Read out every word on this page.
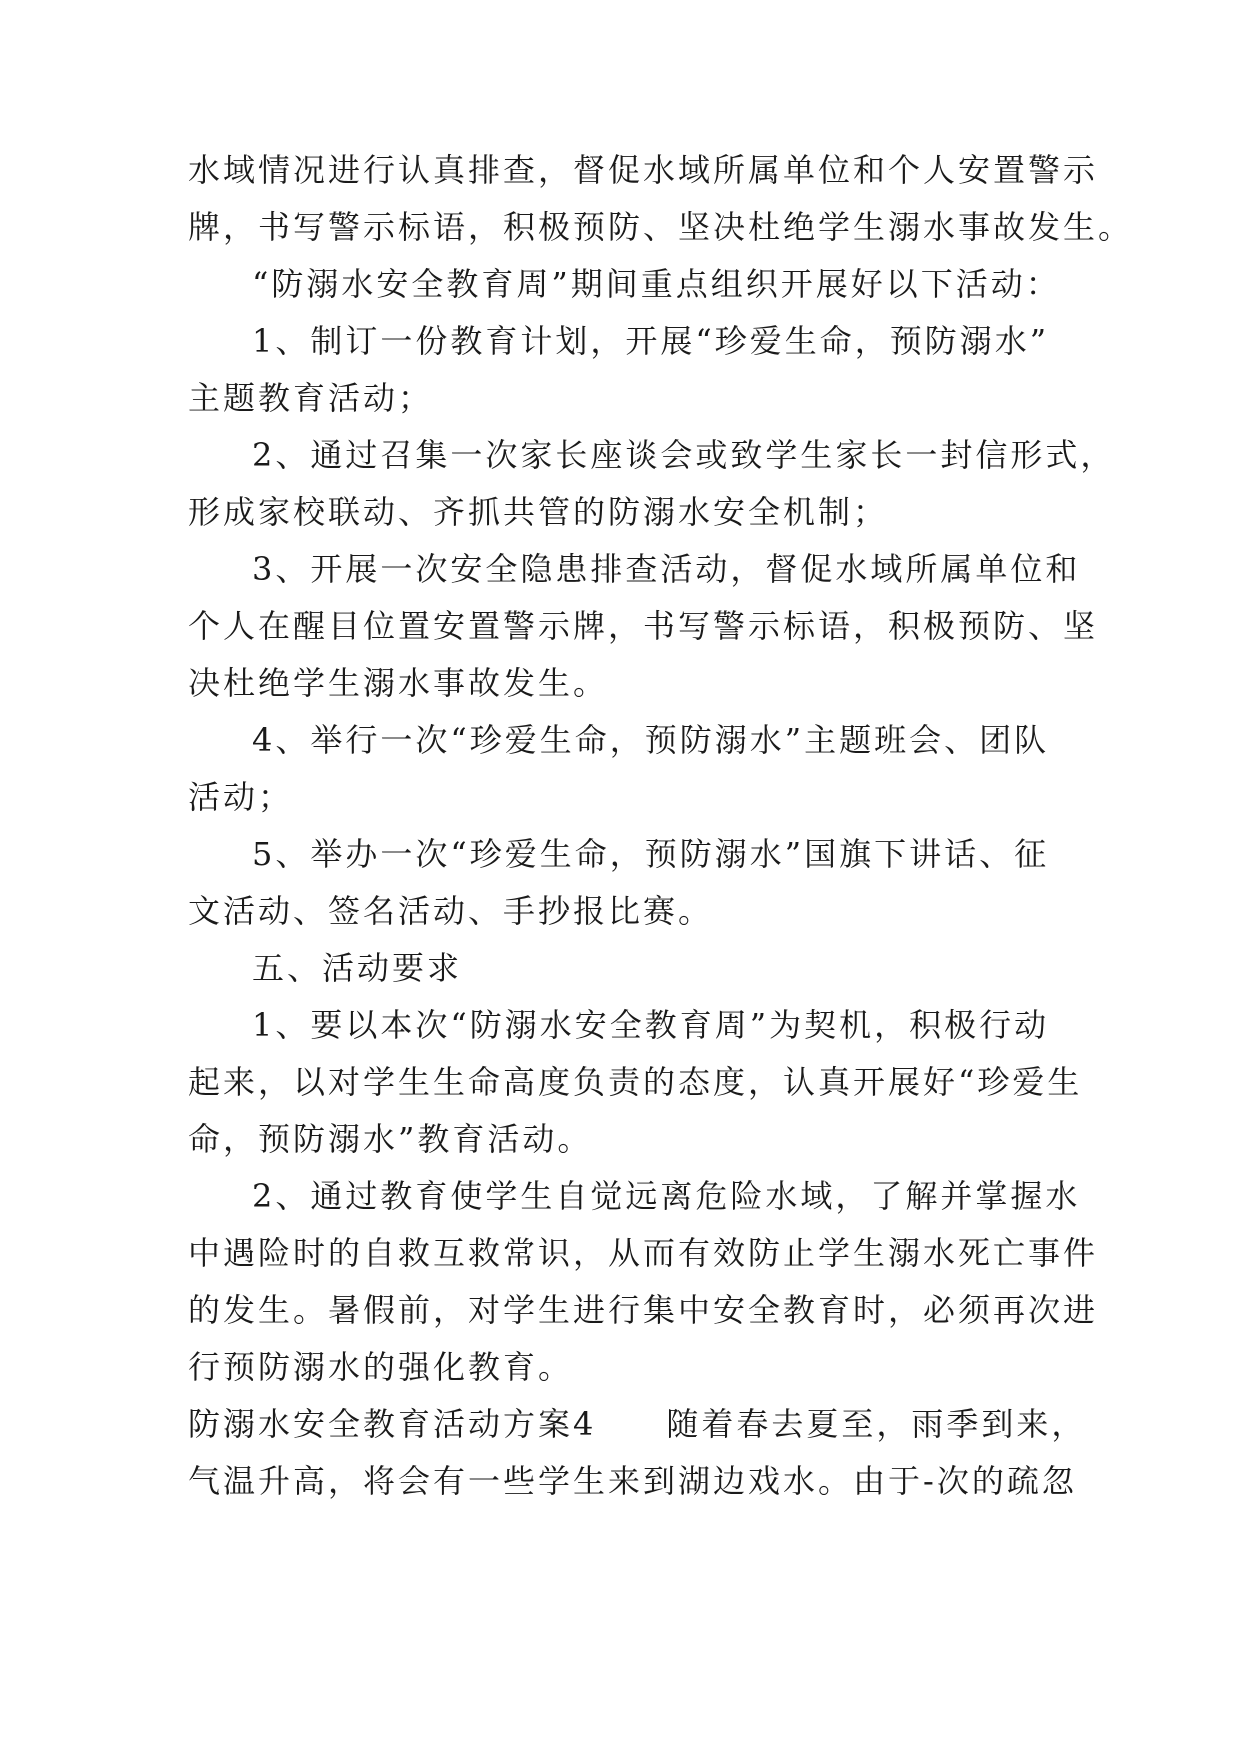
水域情况进行认真排查，督促水域所属单位和个人安置警示
牌，书写警示标语，积极预防、坚决杜绝学生溺水事故发生。
“防溺水安全教育周”期间重点组织开展好以下活动：
1、制订一份教育计划，开展“珍爱生命，预防溺水”
主题教育活动；
2、通过召集一次家长座谈会或致学生家长一封信形式，
形成家校联动、齐抓共管的防溺水安全机制；
3、开展一次安全隐患排查活动，督促水域所属单位和
个人在醒目位置安置警示牌，书写警示标语，积极预防、坚
决杜绝学生溺水事故发生。
4、举行一次“珍爱生命，预防溺水”主题班会、团队
活动；
5、举办一次“珍爱生命，预防溺水”国旗下讲话、征
文活动、签名活动、手抄报比赛。
五、活动要求
1、要以本次“防溺水安全教育周”为契机，积极行动
起来，以对学生生命高度负责的态度，认真开展好“珍爱生
命，预防溺水”教育活动。
2、通过教育使学生自觉远离危险水域，了解并掌握水
中遇险时的自救互救常识，从而有效防止学生溺水死亡事件
的发生。暑假前，对学生进行集中安全教育时，必须再次进
行预防溺水的强化教育。
防溺水安全教育活动方案4　　随着春去夏至，雨季到来，
气温升高，将会有一些学生来到湖边戏水。由于-次的疏忽
